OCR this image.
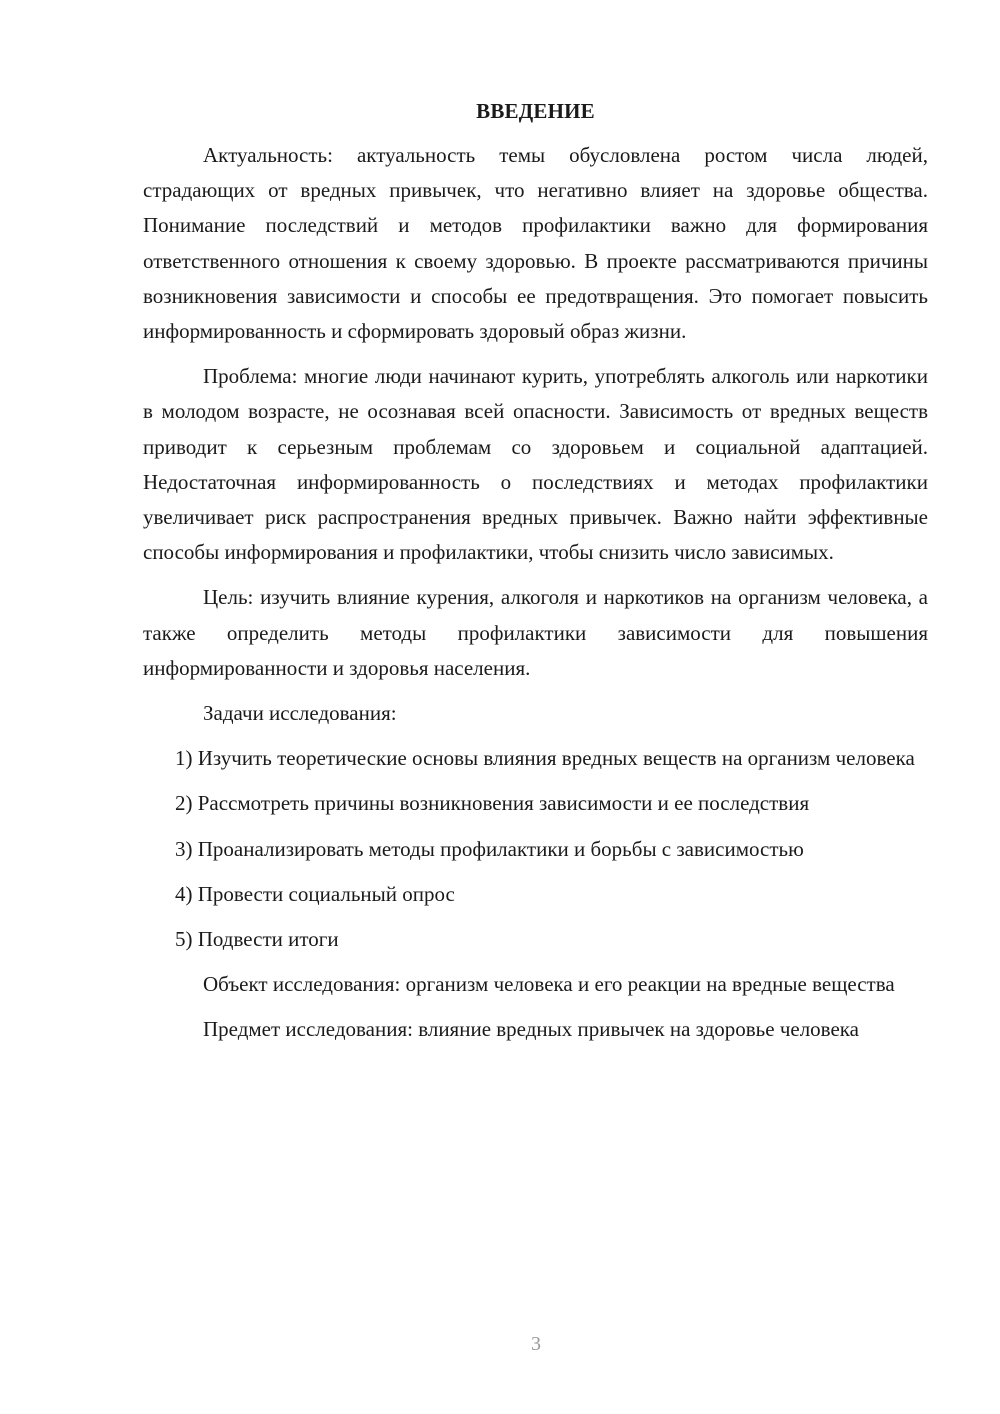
ВВЕДЕНИЕ

Актуальность: актуальность темы обусловлена ростом числа людей, страдающих от вредных привычек, что негативно влияет на здоровье общества. Понимание последствий и методов профилактики важно для формирования ответственного отношения к своему здоровью. В проекте рассматриваются причины возникновения зависимости и способы ее предотвращения. Это помогает повысить информированность и сформировать здоровый образ жизни.

Проблема: многие люди начинают курить, употреблять алкоголь или наркотики в молодом возрасте, не осознавая всей опасности. Зависимость от вредных веществ приводит к серьезным проблемам со здоровьем и социальной адаптацией. Недостаточная информированность о последствиях и методах профилактики увеличивает риск распространения вредных привычек. Важно найти эффективные способы информирования и профилактики, чтобы снизить число зависимых.

Цель: изучить влияние курения, алкоголя и наркотиков на организм человека, а также определить методы профилактики зависимости для повышения информированности и здоровья населения.

Задачи исследования:

1) Изучить теоретические основы влияния вредных веществ на организм человека

2) Рассмотреть причины возникновения зависимости и ее последствия

3) Проанализировать методы профилактики и борьбы с зависимостью

4) Провести социальный опрос

5) Подвести итоги

Объект исследования: организм человека и его реакции на вредные вещества

Предмет исследования: влияние вредных привычек на здоровье человека

3
